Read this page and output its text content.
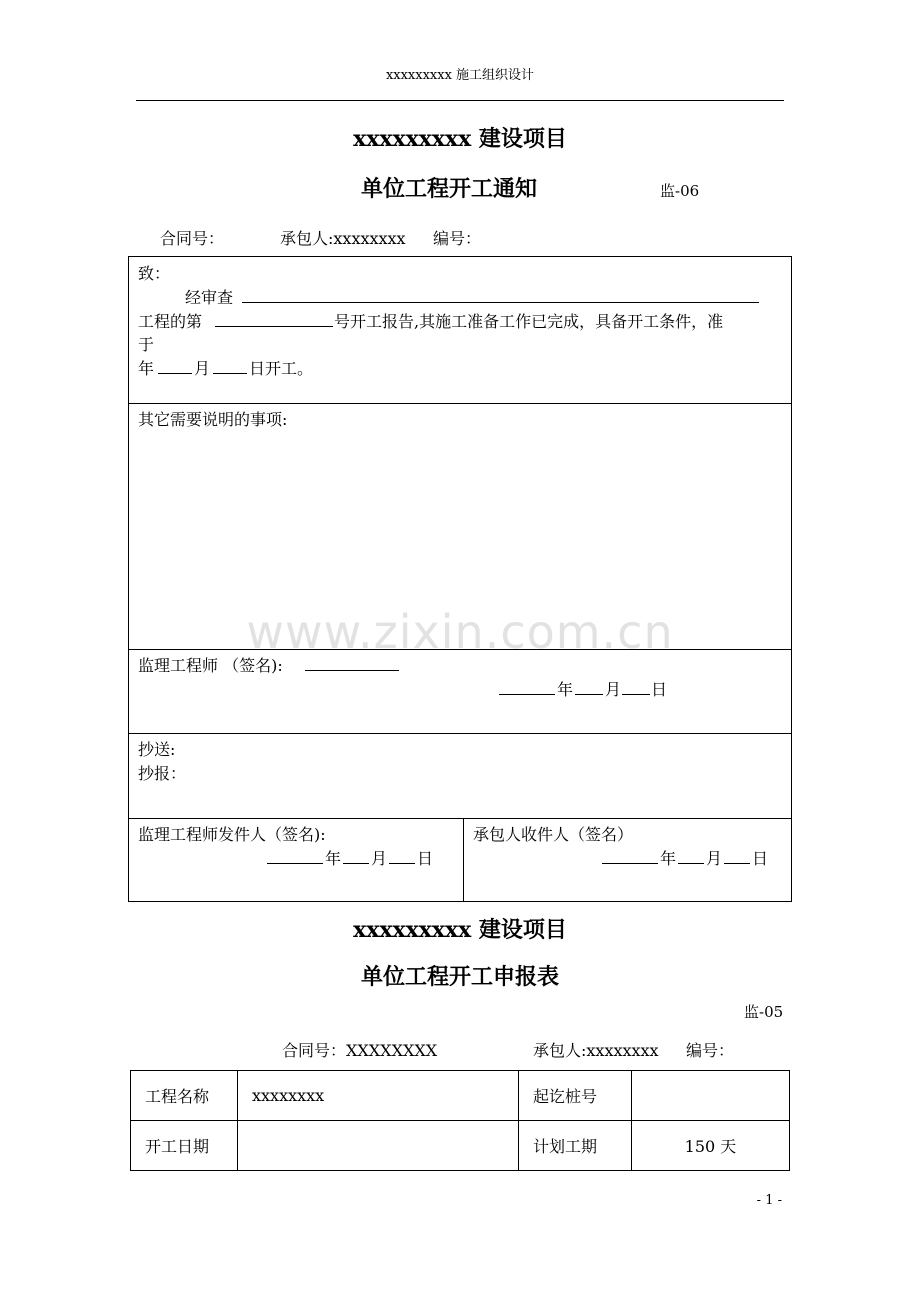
xxxxxxxxx 施工组织设计
xxxxxxxxx 建设项目
单位工程开工通知	监-06
合同号：	承包人:xxxxxxxx 编号：
致：
经审查
工程的第	号开工报告,其施工准备工作已完成，具备开工条件，准
于
年 月 日开工。
其它需要说明的事项:
监理工程师 （签名):
年 月 日
抄送:
抄报：
监理工程师发件人（签名):
年 月 日
承包人收件人（签名）
年 月 日
www.zixin.com.cn
xxxxxxxxx 建设项目
单位工程开工申报表
监-05
合同号：XXXXXXXX	承包人:xxxxxxxx 编号：
工程名称	xxxxxxxx	起讫桩号	
开工日期		计划工期	150 天
- 1 -
